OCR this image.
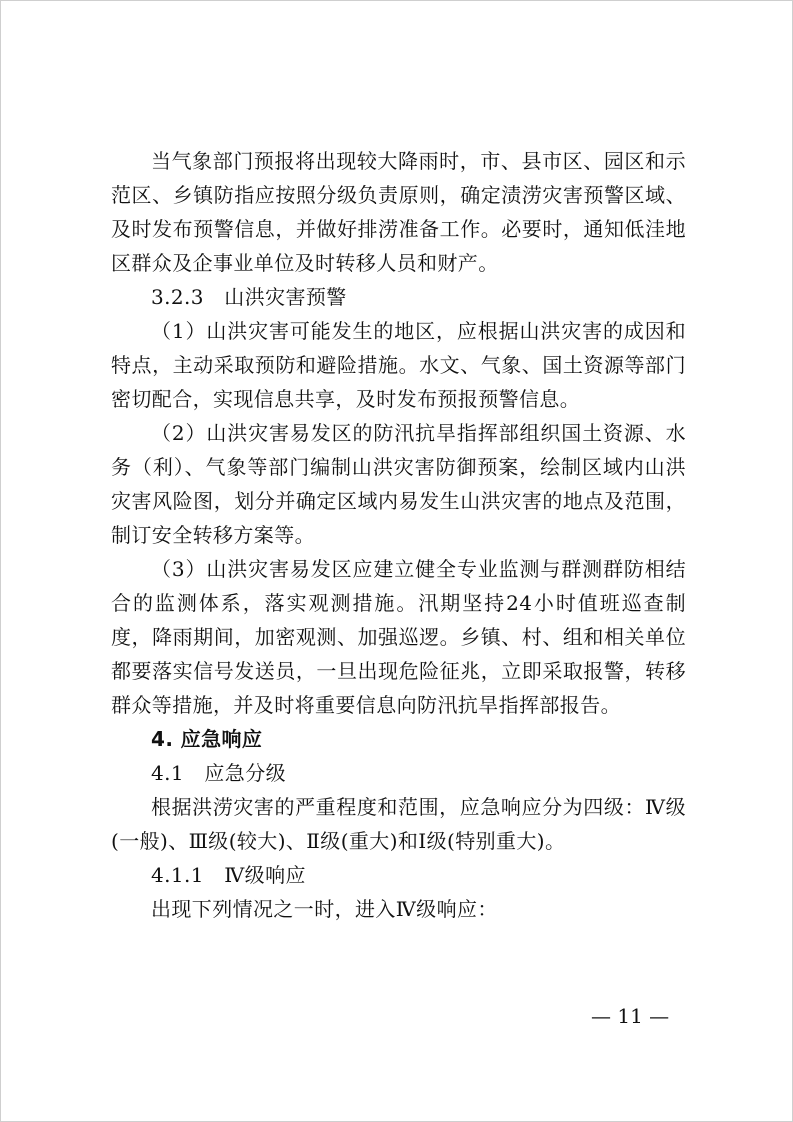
当气象部门预报将出现较大降雨时，市、县市区、园区和示范区、乡镇防指应按照分级负责原则，确定渍涝灾害预警区域、及时发布预警信息，并做好排涝准备工作。必要时，通知低洼地区群众及企事业单位及时转移人员和财产。

3.2.3　山洪灾害预警

（1）山洪灾害可能发生的地区，应根据山洪灾害的成因和特点，主动采取预防和避险措施。水文、气象、国土资源等部门密切配合，实现信息共享，及时发布预报预警信息。

（2）山洪灾害易发区的防汛抗旱指挥部组织国土资源、水务（利）、气象等部门编制山洪灾害防御预案，绘制区域内山洪灾害风险图，划分并确定区域内易发生山洪灾害的地点及范围，制订安全转移方案等。

（3）山洪灾害易发区应建立健全专业监测与群测群防相结合的监测体系，落实观测措施。汛期坚持24小时值班巡查制度，降雨期间，加密观测、加强巡逻。乡镇、村、组和相关单位都要落实信号发送员，一旦出现危险征兆，立即采取报警，转移群众等措施，并及时将重要信息向防汛抗旱指挥部报告。

4. 应急响应

4.1　应急分级

根据洪涝灾害的严重程度和范围，应急响应分为四级：Ⅳ级(一般)、Ⅲ级(较大)、Ⅱ级(重大)和Ⅰ级(特别重大)。

4.1.1　Ⅳ级响应

出现下列情况之一时，进入Ⅳ级响应：

— 11 —
